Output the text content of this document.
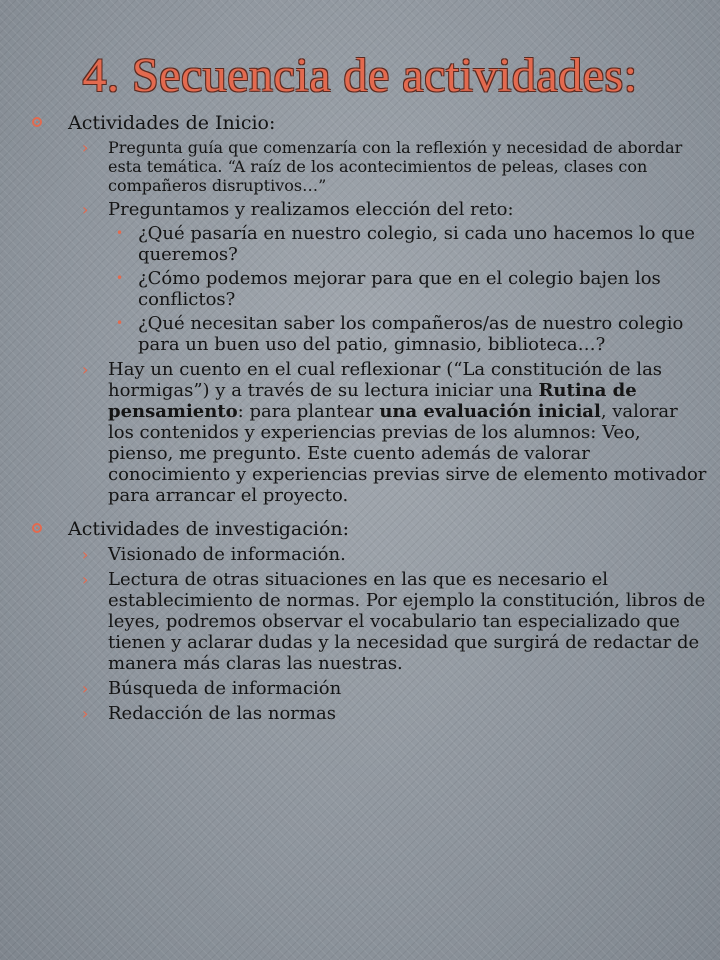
4. Secuencia de actividades:
Actividades de Inicio:
› Pregunta guía que comenzaría con la reflexión y necesidad de abordar esta temática. “A raíz de los acontecimientos de peleas, clases con compañeros disruptivos…”
› Preguntamos y realizamos elección del reto:
• ¿Qué pasaría en nuestro colegio, si cada uno hacemos lo que queremos?
• ¿Cómo podemos mejorar para que en el colegio bajen los conflictos?
• ¿Qué necesitan saber los compañeros/as de nuestro colegio para un buen uso del patio, gimnasio, biblioteca…?
› Hay un cuento en el cual reflexionar (“La constitución de las hormigas”) y a través de su lectura iniciar una Rutina de pensamiento: para plantear una evaluación inicial, valorar los contenidos y experiencias previas de los alumnos: Veo, pienso, me pregunto. Este cuento además de valorar conocimiento y experiencias previas sirve de elemento motivador para arrancar el proyecto.
Actividades de investigación:
› Visionado de información.
› Lectura de otras situaciones en las que es necesario el establecimiento de normas. Por ejemplo la constitución, libros de leyes, podremos observar el vocabulario tan especializado que tienen y aclarar dudas y la necesidad que surgirá de redactar de manera más claras las nuestras.
› Búsqueda de información
› Redacción de las normas
